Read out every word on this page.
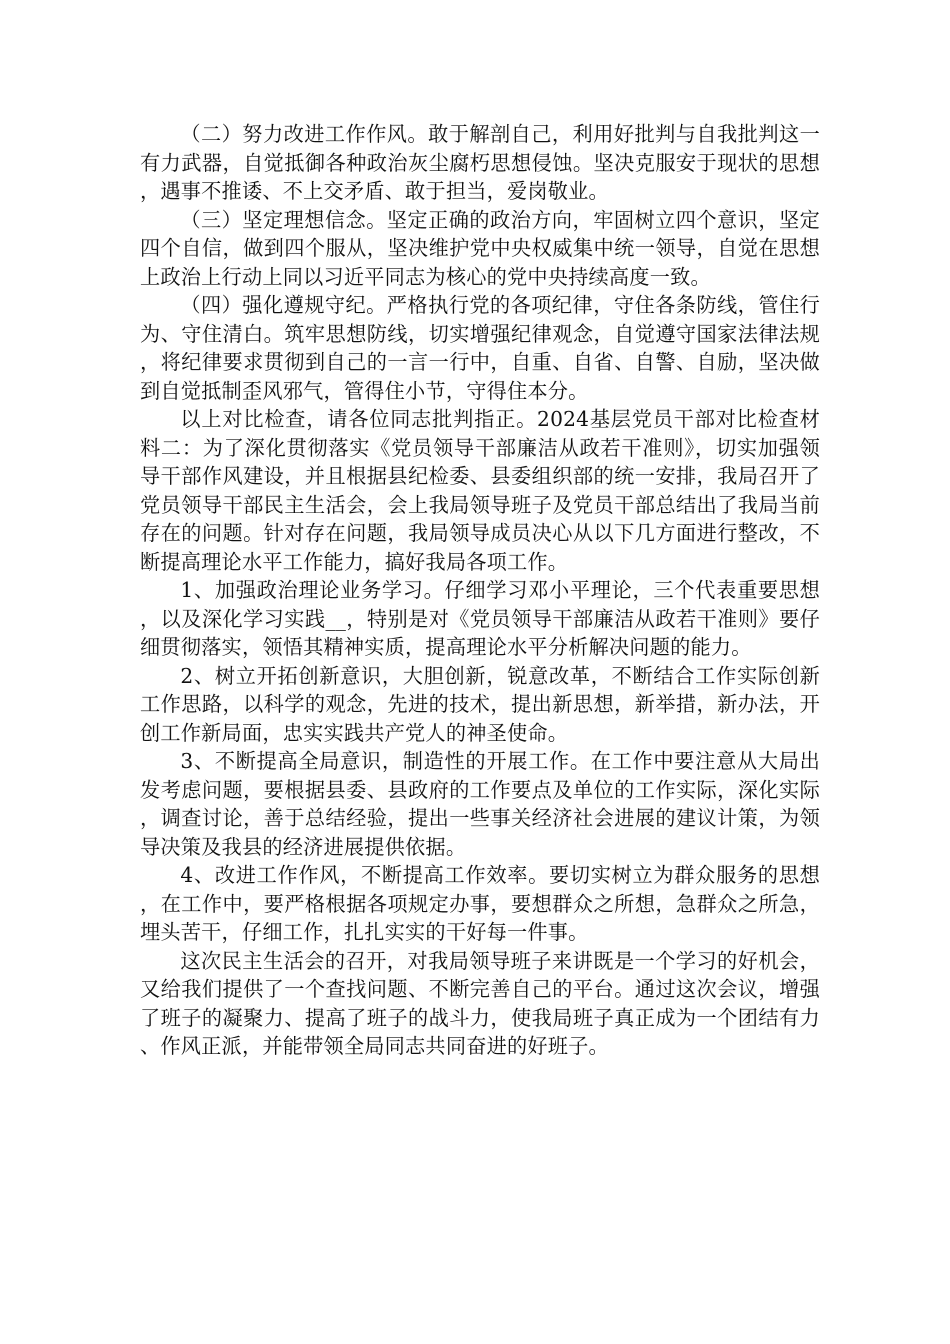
（二）努力改进工作作风。敢于解剖自己，利用好批判与自我批判这一有力武器，自觉抵御各种政治灰尘腐朽思想侵蚀。坚决克服安于现状的思想，遇事不推诿、不上交矛盾、敢于担当，爱岗敬业。

（三）坚定理想信念。坚定正确的政治方向，牢固树立四个意识，坚定四个自信，做到四个服从，坚决维护党中央权威集中统一领导，自觉在思想上政治上行动上同以习近平同志为核心的党中央持续高度一致。

（四）强化遵规守纪。严格执行党的各项纪律，守住各条防线，管住行为、守住清白。筑牢思想防线，切实增强纪律观念，自觉遵守国家法律法规，将纪律要求贯彻到自己的一言一行中，自重、自省、自警、自励，坚决做到自觉抵制歪风邪气，管得住小节，守得住本分。

以上对比检查，请各位同志批判指正。2024基层党员干部对比检查材料二：为了深化贯彻落实《党员领导干部廉洁从政若干准则》，切实加强领导干部作风建设，并且根据县纪检委、县委组织部的统一安排，我局召开了党员领导干部民主生活会，会上我局领导班子及党员干部总结出了我局当前存在的问题。针对存在问题，我局领导成员决心从以下几方面进行整改，不断提高理论水平工作能力，搞好我局各项工作。

1、加强政治理论业务学习。仔细学习邓小平理论，三个代表重要思想，以及深化学习实践__，特别是对《党员领导干部廉洁从政若干准则》要仔细贯彻落实，领悟其精神实质，提高理论水平分析解决问题的能力。

2、树立开拓创新意识，大胆创新，锐意改革，不断结合工作实际创新工作思路，以科学的观念，先进的技术，提出新思想，新举措，新办法，开创工作新局面，忠实实践共产党人的神圣使命。

3、不断提高全局意识，制造性的开展工作。在工作中要注意从大局出发考虑问题，要根据县委、县政府的工作要点及单位的工作实际，深化实际，调查讨论，善于总结经验，提出一些事关经济社会进展的建议计策，为领导决策及我县的经济进展提供依据。

4、改进工作作风，不断提高工作效率。要切实树立为群众服务的思想，在工作中，要严格根据各项规定办事，要想群众之所想，急群众之所急，埋头苦干，仔细工作，扎扎实实的干好每一件事。

这次民主生活会的召开，对我局领导班子来讲既是一个学习的好机会，又给我们提供了一个查找问题、不断完善自己的平台。通过这次会议，增强了班子的凝聚力、提高了班子的战斗力，使我局班子真正成为一个团结有力、作风正派，并能带领全局同志共同奋进的好班子。
